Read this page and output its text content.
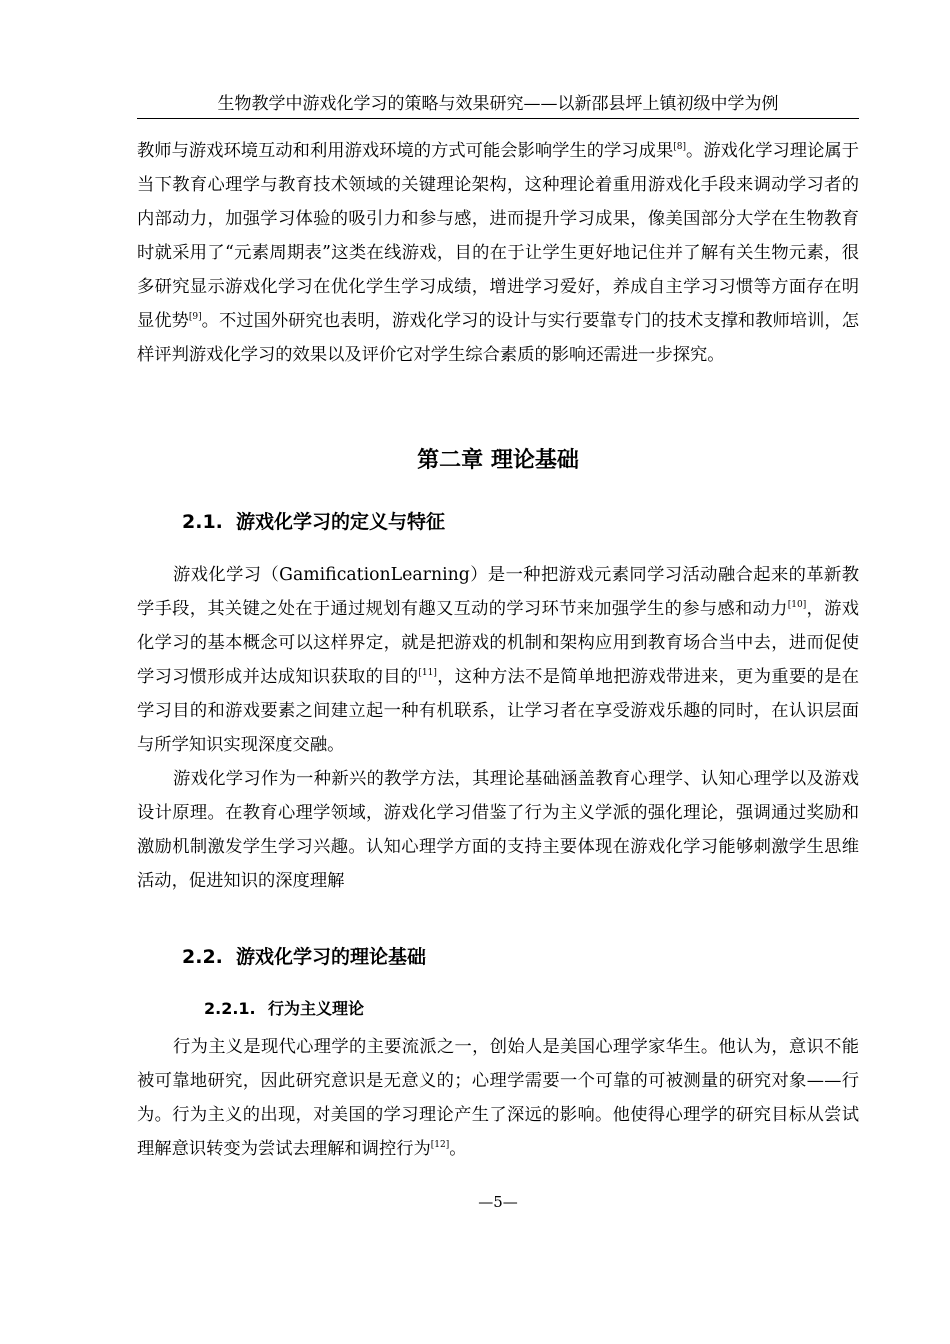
生物教学中游戏化学习的策略与效果研究——以新邵县坪上镇初级中学为例

教师与游戏环境互动和利用游戏环境的方式可能会影响学生的学习成果[8]。游戏化学习理论属于当下教育心理学与教育技术领域的关键理论架构，这种理论着重用游戏化手段来调动学习者的内部动力，加强学习体验的吸引力和参与感，进而提升学习成果，像美国部分大学在生物教育时就采用了“元素周期表”这类在线游戏，目的在于让学生更好地记住并了解有关生物元素，很多研究显示游戏化学习在优化学生学习成绩，增进学习爱好，养成自主学习习惯等方面存在明显优势[9]。不过国外研究也表明，游戏化学习的设计与实行要靠专门的技术支撑和教师培训，怎样评判游戏化学习的效果以及评价它对学生综合素质的影响还需进一步探究。

第二章 理论基础
2.1. 游戏化学习的定义与特征

游戏化学习（GamificationLearning）是一种把游戏元素同学习活动融合起来的革新教学手段，其关键之处在于通过规划有趣又互动的学习环节来加强学生的参与感和动力[10]，游戏化学习的基本概念可以这样界定，就是把游戏的机制和架构应用到教育场合当中去，进而促使学习习惯形成并达成知识获取的目的[11]，这种方法不是简单地把游戏带进来，更为重要的是在学习目的和游戏要素之间建立起一种有机联系，让学习者在享受游戏乐趣的同时，在认识层面与所学知识实现深度交融。

游戏化学习作为一种新兴的教学方法，其理论基础涵盖教育心理学、认知心理学以及游戏设计原理。在教育心理学领域，游戏化学习借鉴了行为主义学派的强化理论，强调通过奖励和激励机制激发学生学习兴趣。认知心理学方面的支持主要体现在游戏化学习能够刺激学生思维活动，促进知识的深度理解

2.2. 游戏化学习的理论基础
2.2.1. 行为主义理论

行为主义是现代心理学的主要流派之一，创始人是美国心理学家华生。他认为，意识不能被可靠地研究，因此研究意识是无意义的；心理学需要一个可靠的可被测量的研究对象——行为。行为主义的出现，对美国的学习理论产生了深远的影响。他使得心理学的研究目标从尝试理解意识转变为尝试去理解和调控行为[12]。

—5—
